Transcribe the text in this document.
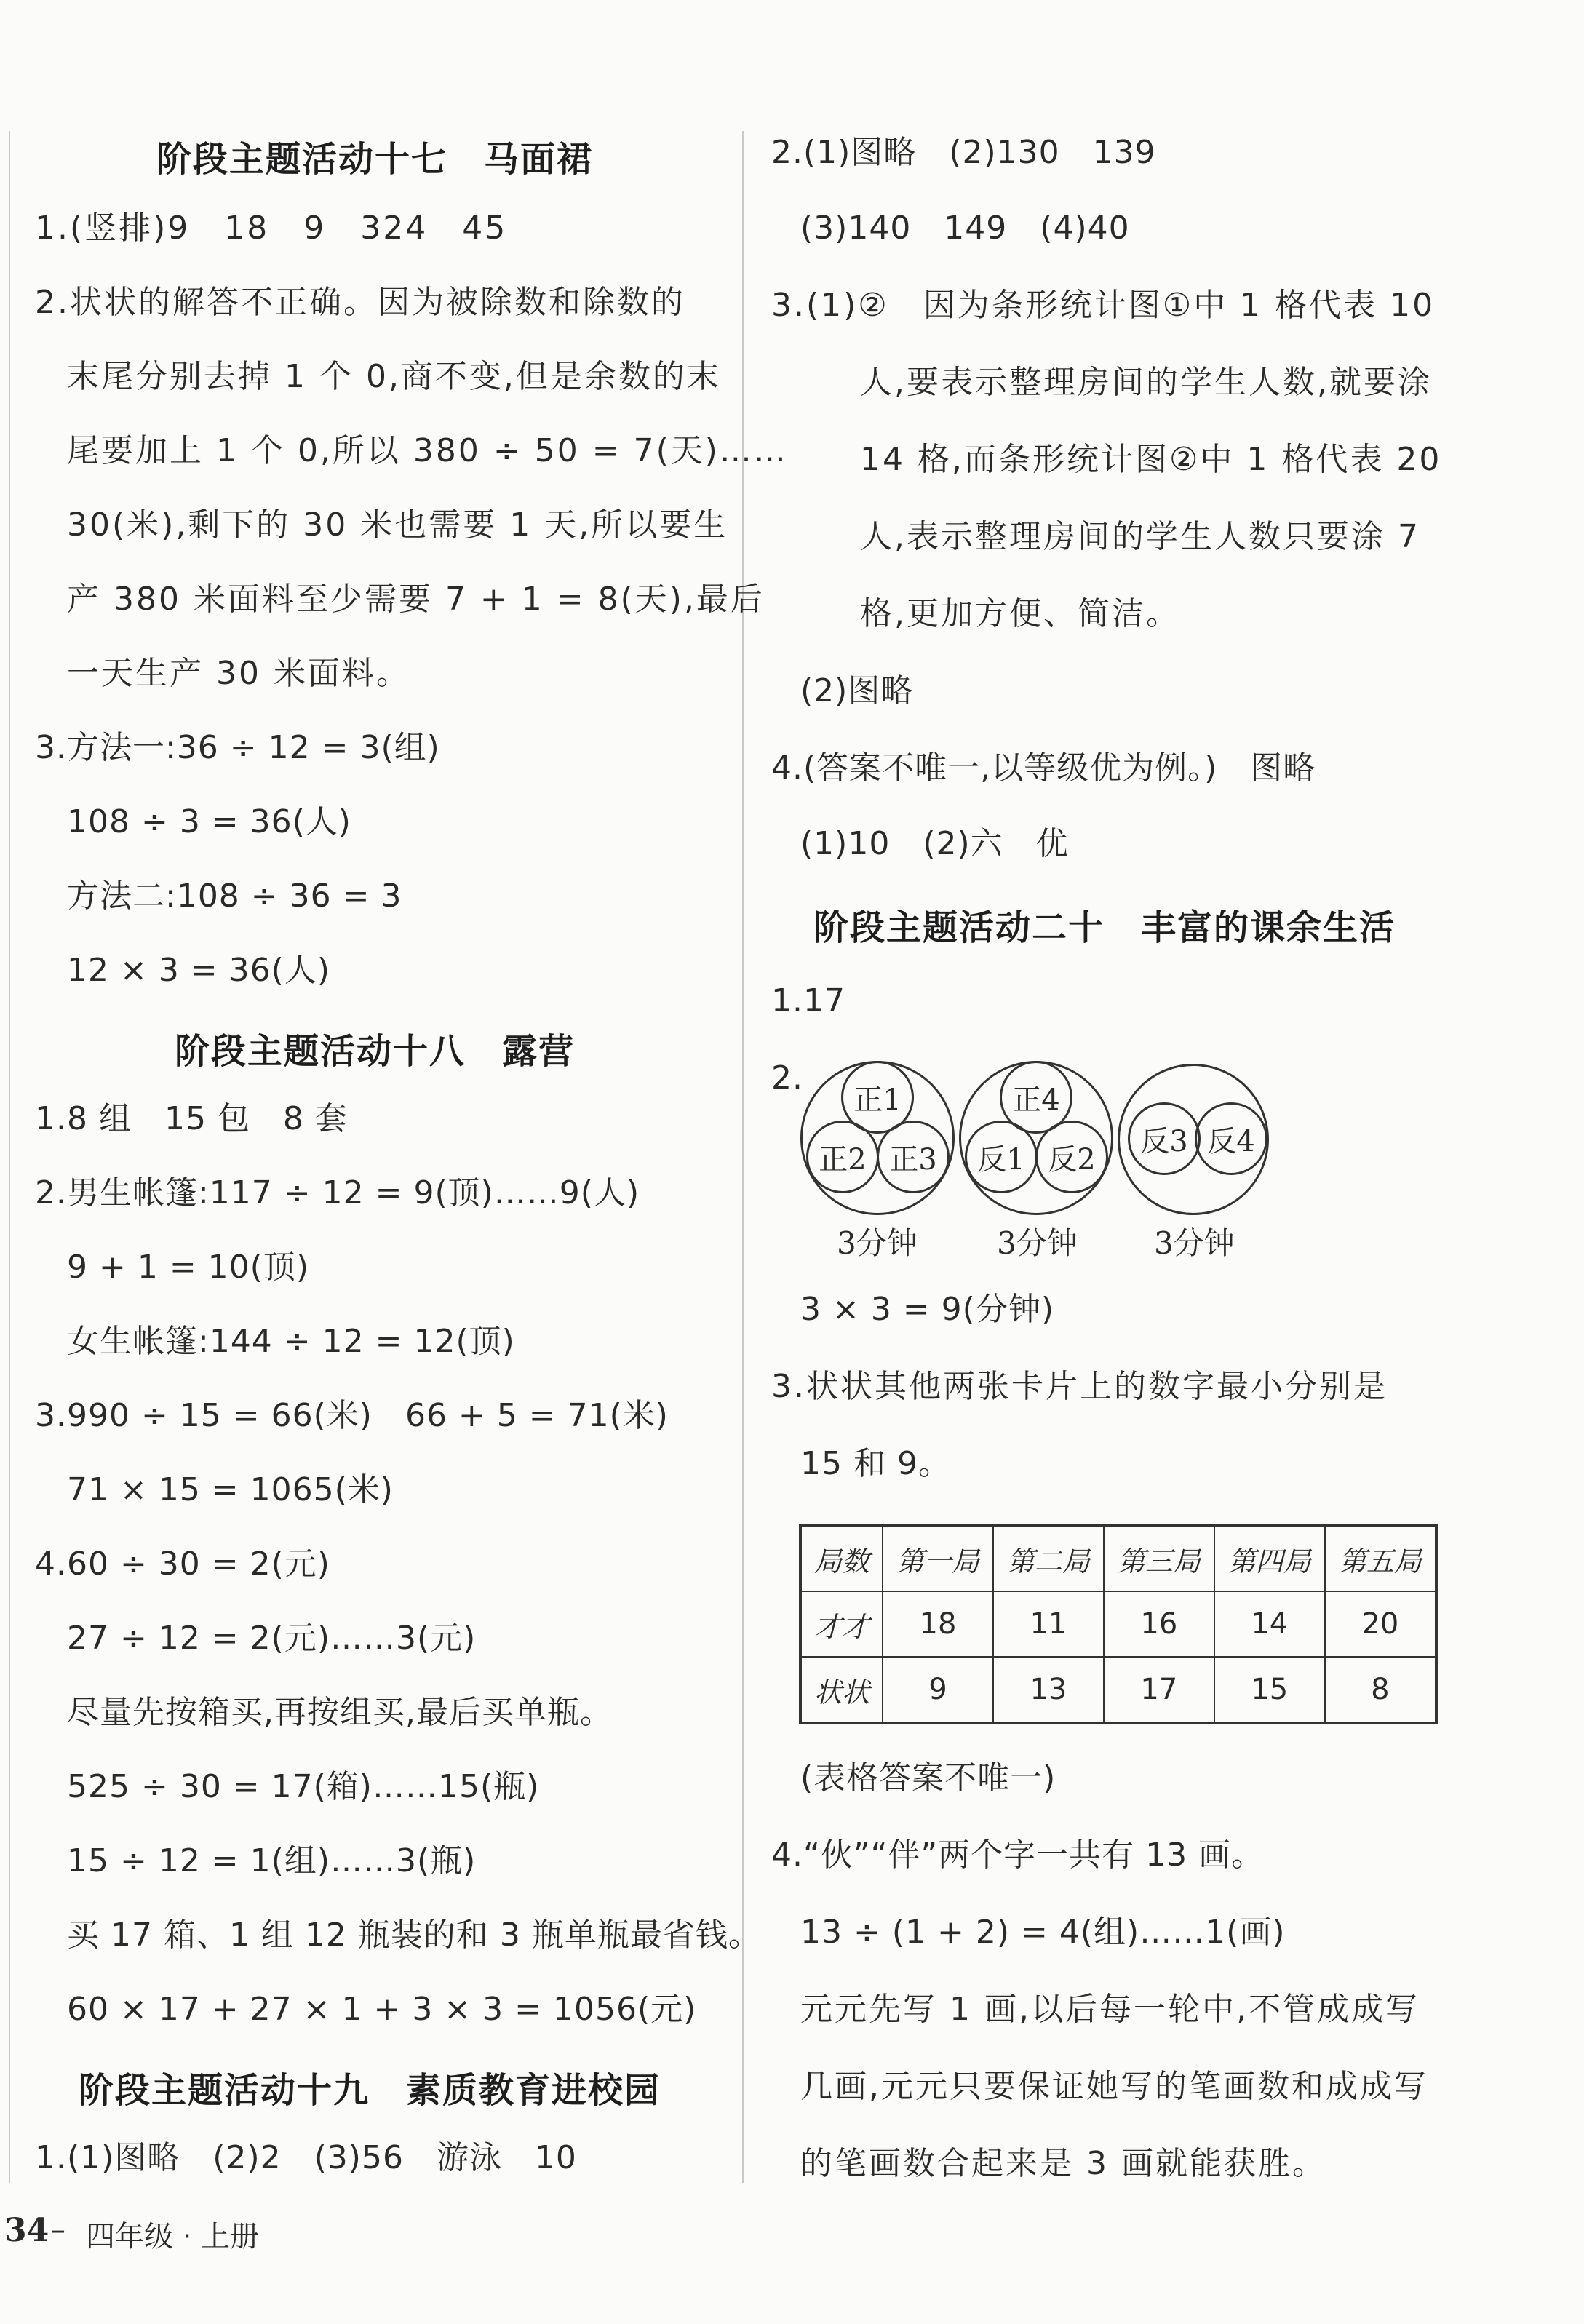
阶段主题活动十七　马面裙
1.(竖排)9　18　9　324　45
2.状状的解答不正确。因为被除数和除数的
末尾分别去掉 1 个 0,商不变,但是余数的末
尾要加上 1 个 0,所以 380 ÷ 50 = 7(天)……
30(米),剩下的 30 米也需要 1 天,所以要生
产 380 米面料至少需要 7 + 1 = 8(天),最后
一天生产 30 米面料。
3.方法一:36 ÷ 12 = 3(组)
108 ÷ 3 = 36(人)
方法二:108 ÷ 36 = 3
12 × 3 = 36(人)
阶段主题活动十八　露营
1.8 组　15 包　8 套
2.男生帐篷:117 ÷ 12 = 9(顶)……9(人)
9 + 1 = 10(顶)
女生帐篷:144 ÷ 12 = 12(顶)
3.990 ÷ 15 = 66(米)　66 + 5 = 71(米)
71 × 15 = 1065(米)
4.60 ÷ 30 = 2(元)
27 ÷ 12 = 2(元)……3(元)
尽量先按箱买,再按组买,最后买单瓶。
525 ÷ 30 = 17(箱)……15(瓶)
15 ÷ 12 = 1(组)……3(瓶)
买 17 箱、1 组 12 瓶装的和 3 瓶单瓶最省钱。
60 × 17 + 27 × 1 + 3 × 3 = 1056(元)
阶段主题活动十九　素质教育进校园
1.(1)图略　(2)2　(3)56　游泳　10
2.(1)图略　(2)130　139
(3)140　149　(4)40
3.(1)②　因为条形统计图①中 1 格代表 10
人,要表示整理房间的学生人数,就要涂
14 格,而条形统计图②中 1 格代表 20
人,表示整理房间的学生人数只要涂 7
格,更加方便、简洁。
(2)图略
4.(答案不唯一,以等级优为例。)　图略
(1)10　(2)六　优
阶段主题活动二十　丰富的课余生活
1.17
2.
正1
正2 正3
3分钟
正4
反1 反2
3分钟
反3 反4
3分钟
3 × 3 = 9(分钟)
3.状状其他两张卡片上的数字最小分别是
15 和 9。
局数	第一局	第二局	第三局	第四局	第五局
才才	18	11	16	14	20
状状	9	13	17	15	8
(表格答案不唯一)
4.“伙”“伴”两个字一共有 13 画。
13 ÷ (1 + 2) = 4(组)……1(画)
元元先写 1 画,以后每一轮中,不管成成写
几画,元元只要保证她写的笔画数和成成写
的笔画数合起来是 3 画就能获胜。
34 – 四年级 · 上册
